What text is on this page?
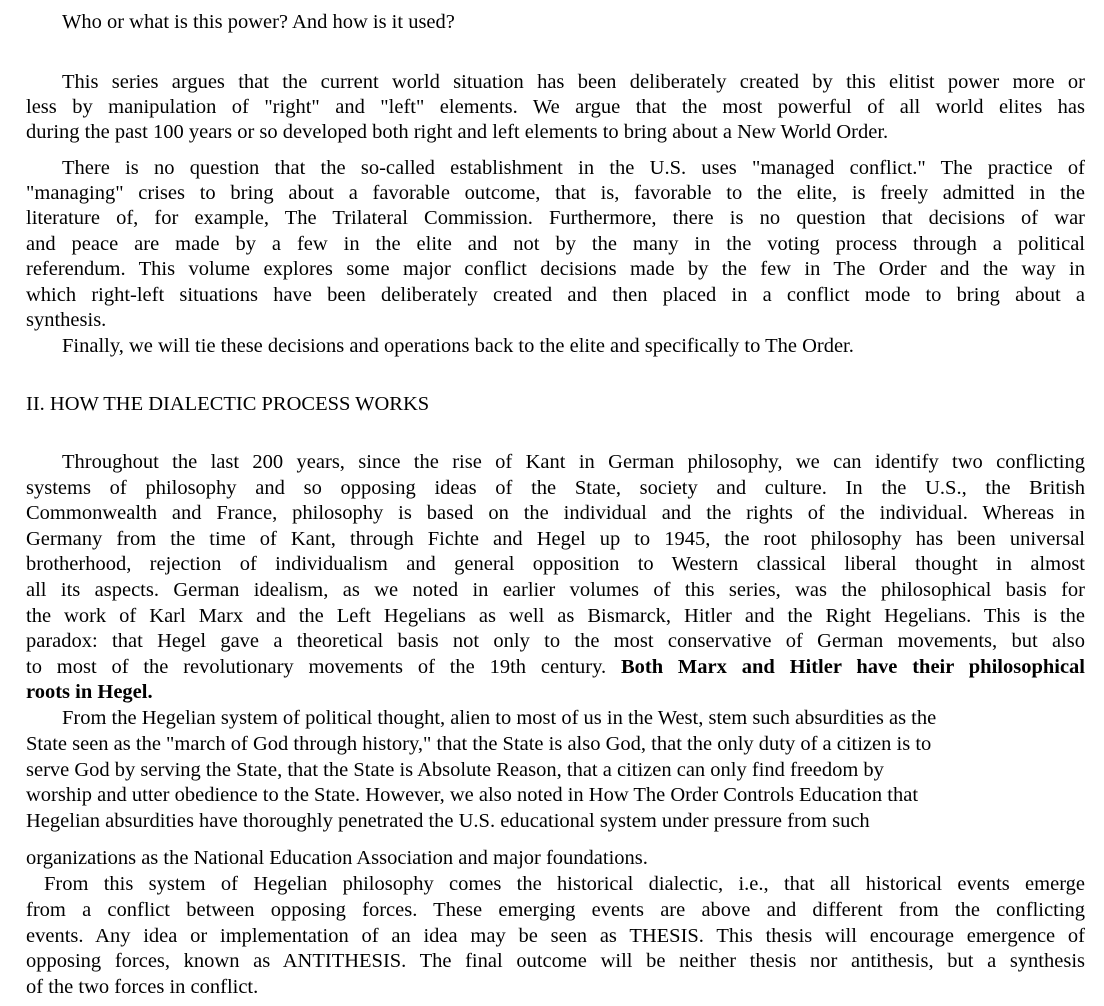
Who or what is this power? And how is it used?
This series argues that the current world situation has been deliberately created by this elitist power more or
less by manipulation of "right" and "left" elements. We argue that the most powerful of all world elites has
during the past 100 years or so developed both right and left elements to bring about a New World Order.
There is no question that the so-called establishment in the U.S. uses "managed conflict." The practice of
"managing" crises to bring about a favorable outcome, that is, favorable to the elite, is freely admitted in the
literature of, for example, The Trilateral Commission. Furthermore, there is no question that decisions of war
and peace are made by a few in the elite and not by the many in the voting process through a political
referendum. This volume explores some major conflict decisions made by the few in The Order and the way in
which right-left situations have been deliberately created and then placed in a conflict mode to bring about a
synthesis.
Finally, we will tie these decisions and operations back to the elite and specifically to The Order.
II. HOW THE DIALECTIC PROCESS WORKS
Throughout the last 200 years, since the rise of Kant in German philosophy, we can identify two conflicting
systems of philosophy and so opposing ideas of the State, society and culture. In the U.S., the British
Commonwealth and France, philosophy is based on the individual and the rights of the individual. Whereas in
Germany from the time of Kant, through Fichte and Hegel up to 1945, the root philosophy has been universal
brotherhood, rejection of individualism and general opposition to Western classical liberal thought in almost
all its aspects. German idealism, as we noted in earlier volumes of this series, was the philosophical basis for
the work of Karl Marx and the Left Hegelians as well as Bismarck, Hitler and the Right Hegelians. This is the
paradox: that Hegel gave a theoretical basis not only to the most conservative of German movements, but also
to most of the revolutionary movements of the 19th century. Both Marx and Hitler have their philosophical
roots in Hegel.
From the Hegelian system of political thought, alien to most of us in the West, stem such absurdities as the
State seen as the "march of God through history," that the State is also God, that the only duty of a citizen is to
serve God by serving the State, that the State is Absolute Reason, that a citizen can only find freedom by
worship and utter obedience to the State. However, we also noted in How The Order Controls Education that
Hegelian absurdities have thoroughly penetrated the U.S. educational system under pressure from such
organizations as the National Education Association and major foundations.
From this system of Hegelian philosophy comes the historical dialectic, i.e., that all historical events emerge
from a conflict between opposing forces. These emerging events are above and different from the conflicting
events. Any idea or implementation of an idea may be seen as THESIS. This thesis will encourage emergence of
opposing forces, known as ANTITHESIS. The final outcome will be neither thesis nor antithesis, but a synthesis
of the two forces in conflict.
